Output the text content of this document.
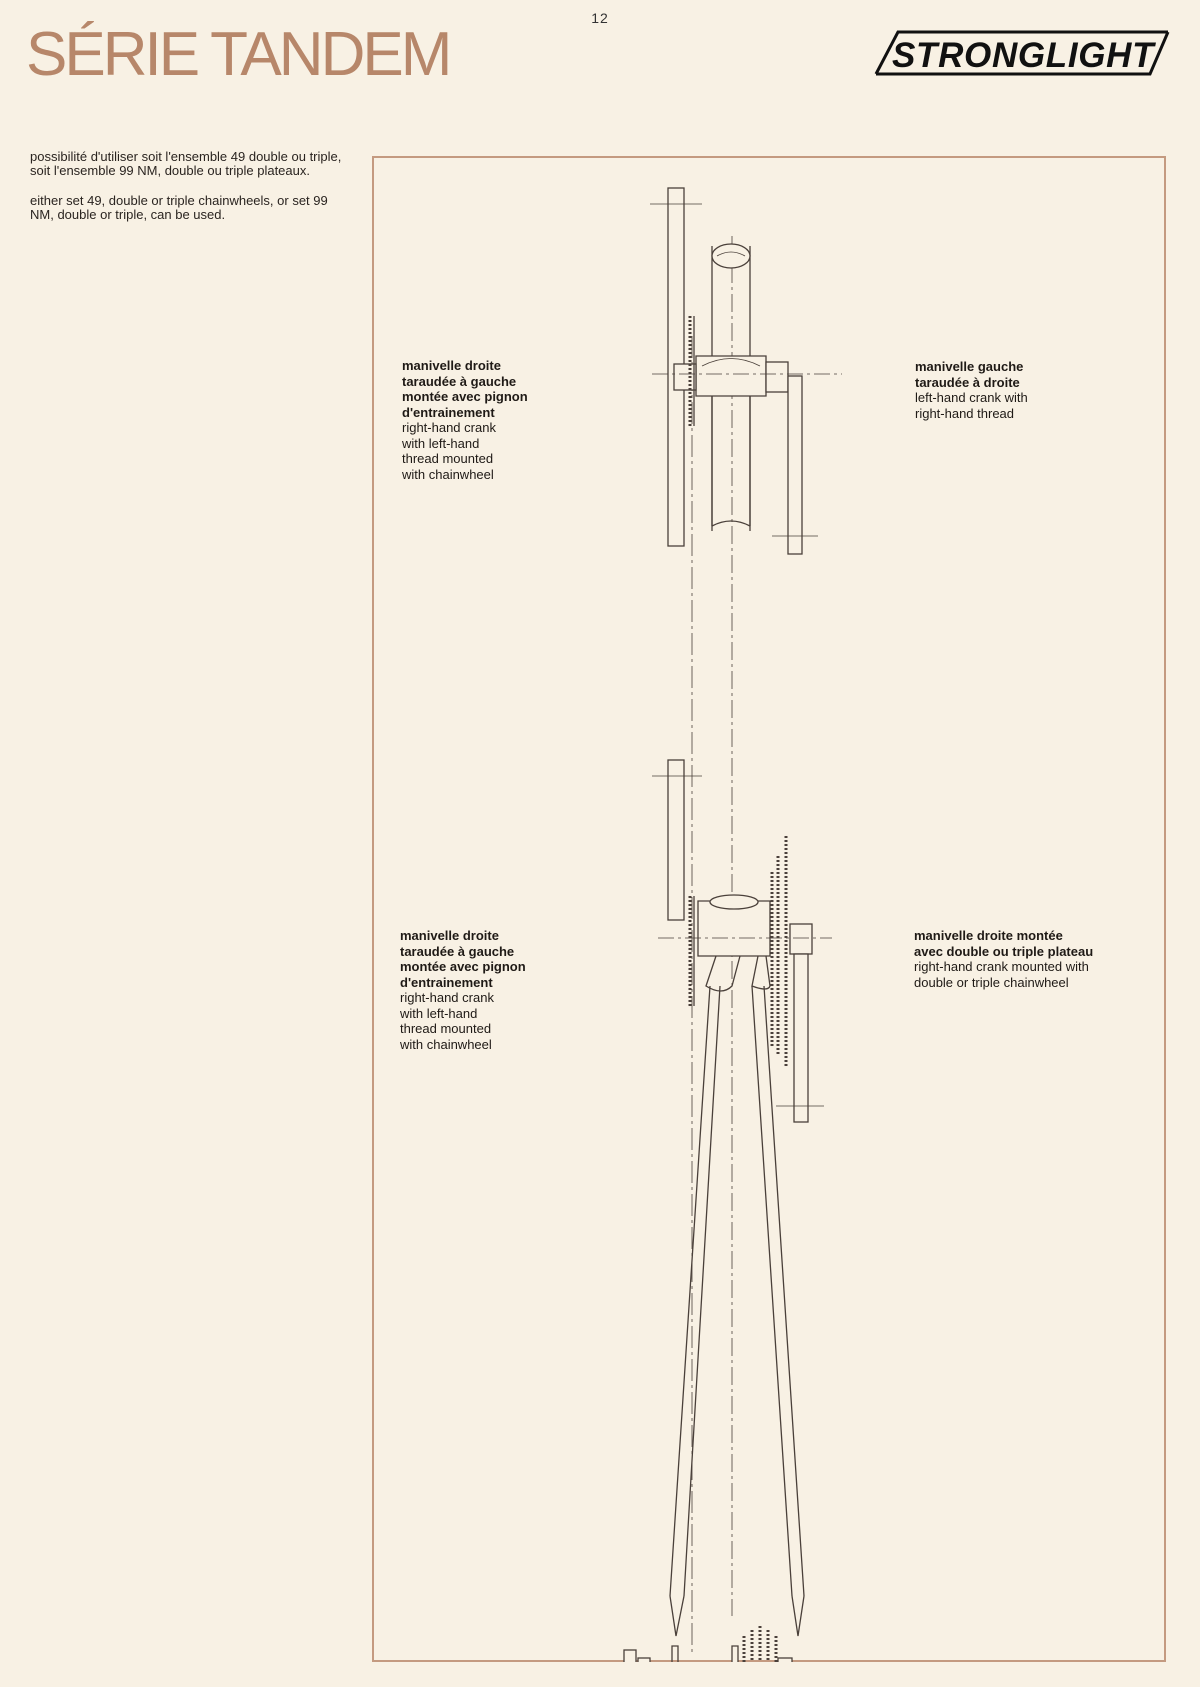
12
SÉRIE TANDEM	STRONGLIGHT

possibilité d'utiliser soit l'ensemble 49 double ou triple, soit l'ensemble 99 NM, double ou triple plateaux.

either set 49, double or triple chainwheels, or set 99 NM, double or triple, can be used.

manivelle droite
taraudée à gauche
montée avec pignon
d'entrainement
right-hand crank
with left-hand
thread mounted
with chainwheel
manivelle gauche
taraudée à droite
left-hand crank with
right-hand thread
manivelle droite
taraudée à gauche
montée avec pignon
d'entrainement
right-hand crank
with left-hand
thread mounted
with chainwheel
manivelle droite montée
avec double ou triple plateau
right-hand crank mounted with
double or triple chainwheel
